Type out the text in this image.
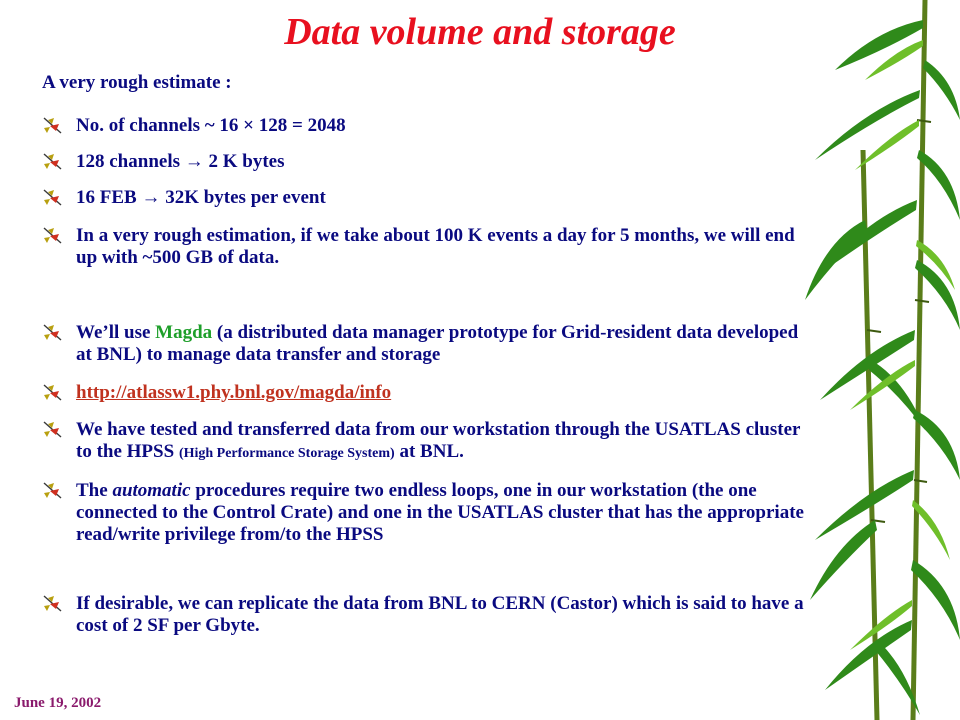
Data volume and storage
A very rough estimate :
No. of channels ~ 16 × 128 = 2048
128 channels → 2 K bytes
16 FEB → 32K bytes per event
In a very rough estimation, if we take about 100 K events a day for 5 months, we will end up with ~500 GB of data.
We’ll use Magda (a distributed data manager prototype for Grid-resident data developed at BNL) to manage data transfer and storage
http://atlassw1.phy.bnl.gov/magda/info
We have tested and transferred data from our workstation through the USATLAS cluster to the HPSS (High Performance Storage System) at BNL.
The automatic procedures require two endless loops, one in our workstation (the one connected to the Control Crate) and one in the USATLAS cluster that has the appropriate read/write privilege from/to the HPSS
If desirable, we can replicate the data from BNL to CERN (Castor) which is said to have a cost of 2 SF per Gbyte.
June 19, 2002
